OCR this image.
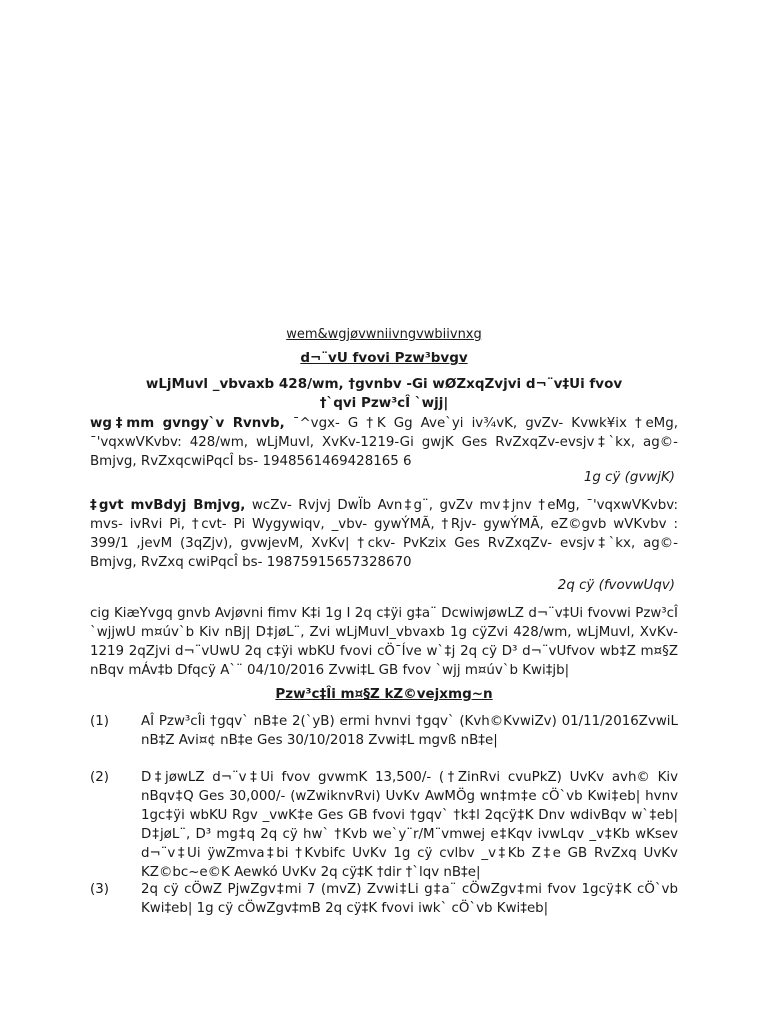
wem&wgjøvwniivngvwbiivnxg
d¬¨vU fvovi Pzw³bvgv
wLjMuvl _vbvaxb 428/wm, †gvnbv -Gi wØZxqZvjvi d¬¨v‡Ui fvov
†`qvi Pzw³cÎ `wjj|
wg‡mm gvngy`v Rvnvb, ¯^vgx- G †K Gg Ave`yi iv¾vK, gvZv- Kvwk¥ix †eMg, ¯'vqxwVKvbv: 428/wm, wLjMuvl, XvKv-1219-Gi gwjK Ges RvZxqZv-evsjv‡`kx, ag©- Bmjvg, RvZxqcwiPqcÎ bs- 1948561469428165 6
1g cÿ (gvwjK)
‡gvt mvBdyj Bmjvg, wcZv- Rvjvj DwÏb Avn‡g¨, gvZv mv‡jnv †eMg, ¯'vqxwVKvbv: mvs- ivRvi Pi, †cvt- Pi Wygywiqv, _vbv- gywÝMÃ, †Rjv- gywÝMÃ, eZ©gvb wVKvbv : 399/1 ,jevM (3qZjv), gvwjevM, XvKv| †ckv- PvKzix Ges RvZxqZv- evsjv‡`kx, ag©- Bmjvg, RvZxq cwiPqcÎ bs- 19875915657328670
2q cÿ (fvovwUqv)
cig KiæYvgq gnvb Avjøvni fimv K‡i 1g I 2q c‡ÿi g‡a¨ DcwiwjøwLZ d¬¨v‡Ui fvovwi Pzw³cÎ `wjjwU m¤úv`b Kiv nBj| D‡jøL¨, Zvi wLjMuvl_vbvaxb 1g cÿZvi 428/wm, wLjMuvl, XvKv-1219 2qZjvi d¬¨vUwU 2q c‡ÿi wbKU fvovi cÖ¯Íve w`‡j 2q cÿ D³ d¬¨vUfvov wb‡Z m¤§Z nBqv mÁv‡b Dfqcÿ A`¨ 04/10/2016 Zvwi‡L GB fvov `wjj m¤úv`b Kwi‡jb|
Pzw³c‡Îi m¤§Z kZ©vejxmg~n
(1)	AÎ Pzw³cÎi †gqv` nB‡e 2(`yB) ermi hvnvi †gqv` (Kvh©KvwiZv) 01/11/2016ZvwiL nB‡Z Avi¤¢ nB‡e Ges 30/10/2018 Zvwi‡L mgvß nB‡e|
(2)	D‡jøwLZ d¬¨v‡Ui fvov gvwmK 13,500/- (†ZinRvi cvuPkZ) UvKv avh© Kiv nBqv‡Q Ges 30,000/- (wZwiknvRvi) UvKv AwMÖg wn‡m‡e cÖ`vb Kwi‡eb| hvnv 1gc‡ÿi wbKU Rgv _vwK‡e Ges GB fvovi †gqv` †k‡l 2qcÿ‡K Dnv wdivBqv w`‡eb| D‡jøL¨, D³ mg‡q 2q cÿ hw` †Kvb we`y¨r/M¨vmwej e‡Kqv ivwLqv _v‡Kb wKsev d¬¨v‡Ui ÿwZmva‡bi †Kvbifc UvKv 1g cÿ cvlbv _v‡Kb Z‡e GB RvZxq UvKv KZ©bc~e©K Aewkó UvKv 2q cÿ‡K †dir †`lqv nB‡e|
(3)	2q cÿ cÖwZ PjwZgv‡mi 7 (mvZ) Zvwi‡Li g‡a¨ cÖwZgv‡mi fvov 1gcÿ‡K cÖ`vb Kwi‡eb| 1g cÿ cÖwZgv‡mB 2q cÿ‡K fvovi iwk` cÖ`vb Kwi‡eb|
